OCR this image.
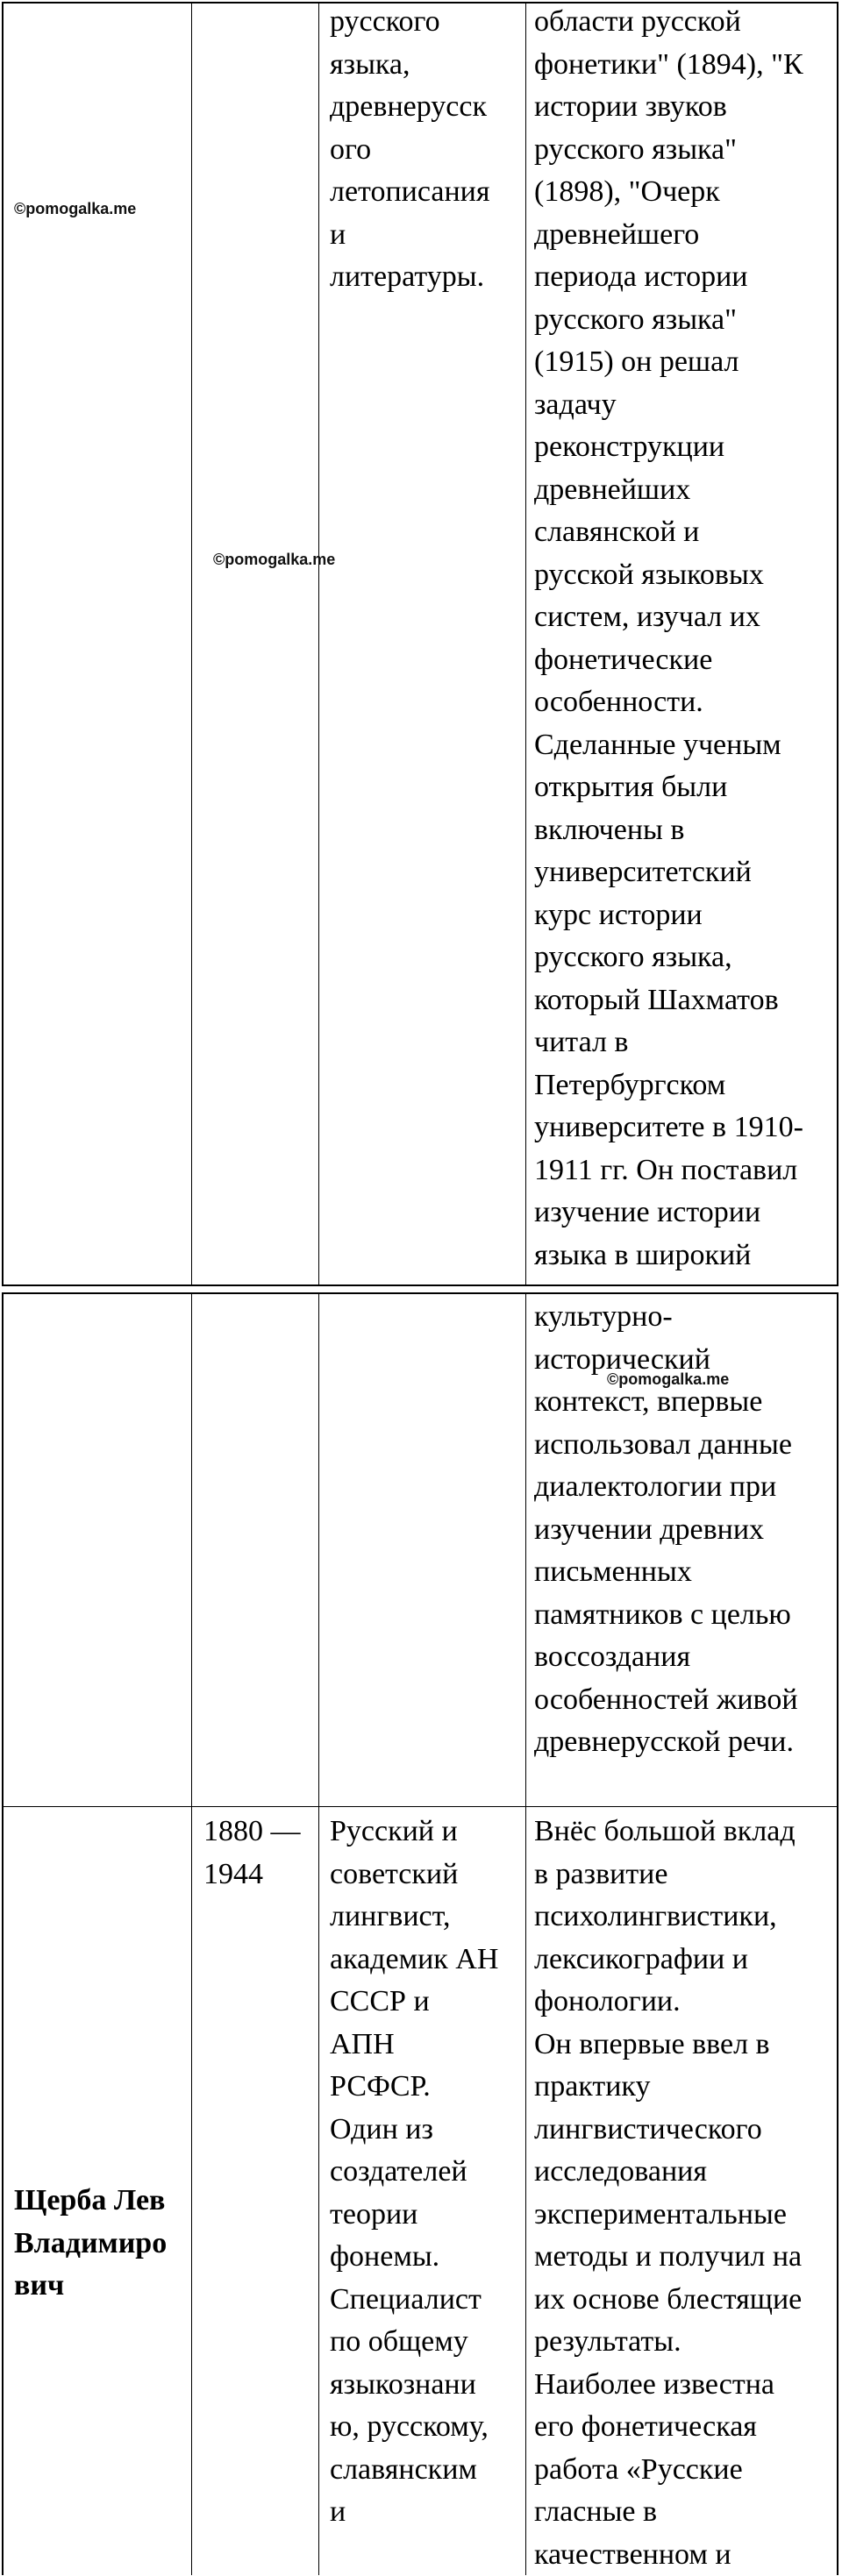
русского
языка,
древнерусск
ого
летописания
и
литературы.
области русской
фонетики" (1894), "К
истории звуков
русского языка"
(1898), "Очерк
древнейшего
периода истории
русского языка"
(1915) он решал
задачу
реконструкции
древнейших
славянской и
русской языковых
систем, изучал их
фонетические
особенности.
Сделанные ученым
открытия были
включены в
университетский
курс истории
русского языка,
который Шахматов
читал в
Петербургском
университете в 1910-
1911 гг. Он поставил
изучение истории
языка в широкий
культурно-
исторический
контекст, впервые
использовал данные
диалектологии при
изучении древних
письменных
памятников с целью
воссоздания
особенностей живой
древнерусской речи.
Щерба Лев
Владимиро
вич
1880 —
1944
Русский и
советский
лингвист,
академик АН
СССР и
АПН
РСФСР.
Один из
создателей
теории
фонемы.
Специалист
по общему
языкознани
ю, русскому,
славянским
и
Внёс большой вклад
в развитие
психолингвистики,
лексикографии и
фонологии.
Он впервые ввел в
практику
лингвистического
исследования
экспериментальные
методы и получил на
их основе блестящие
результаты.
Наиболее известна
его фонетическая
работа «Русские
гласные в
качественном и
©pomogalka.me
©pomogalka.me
©pomogalka.me
